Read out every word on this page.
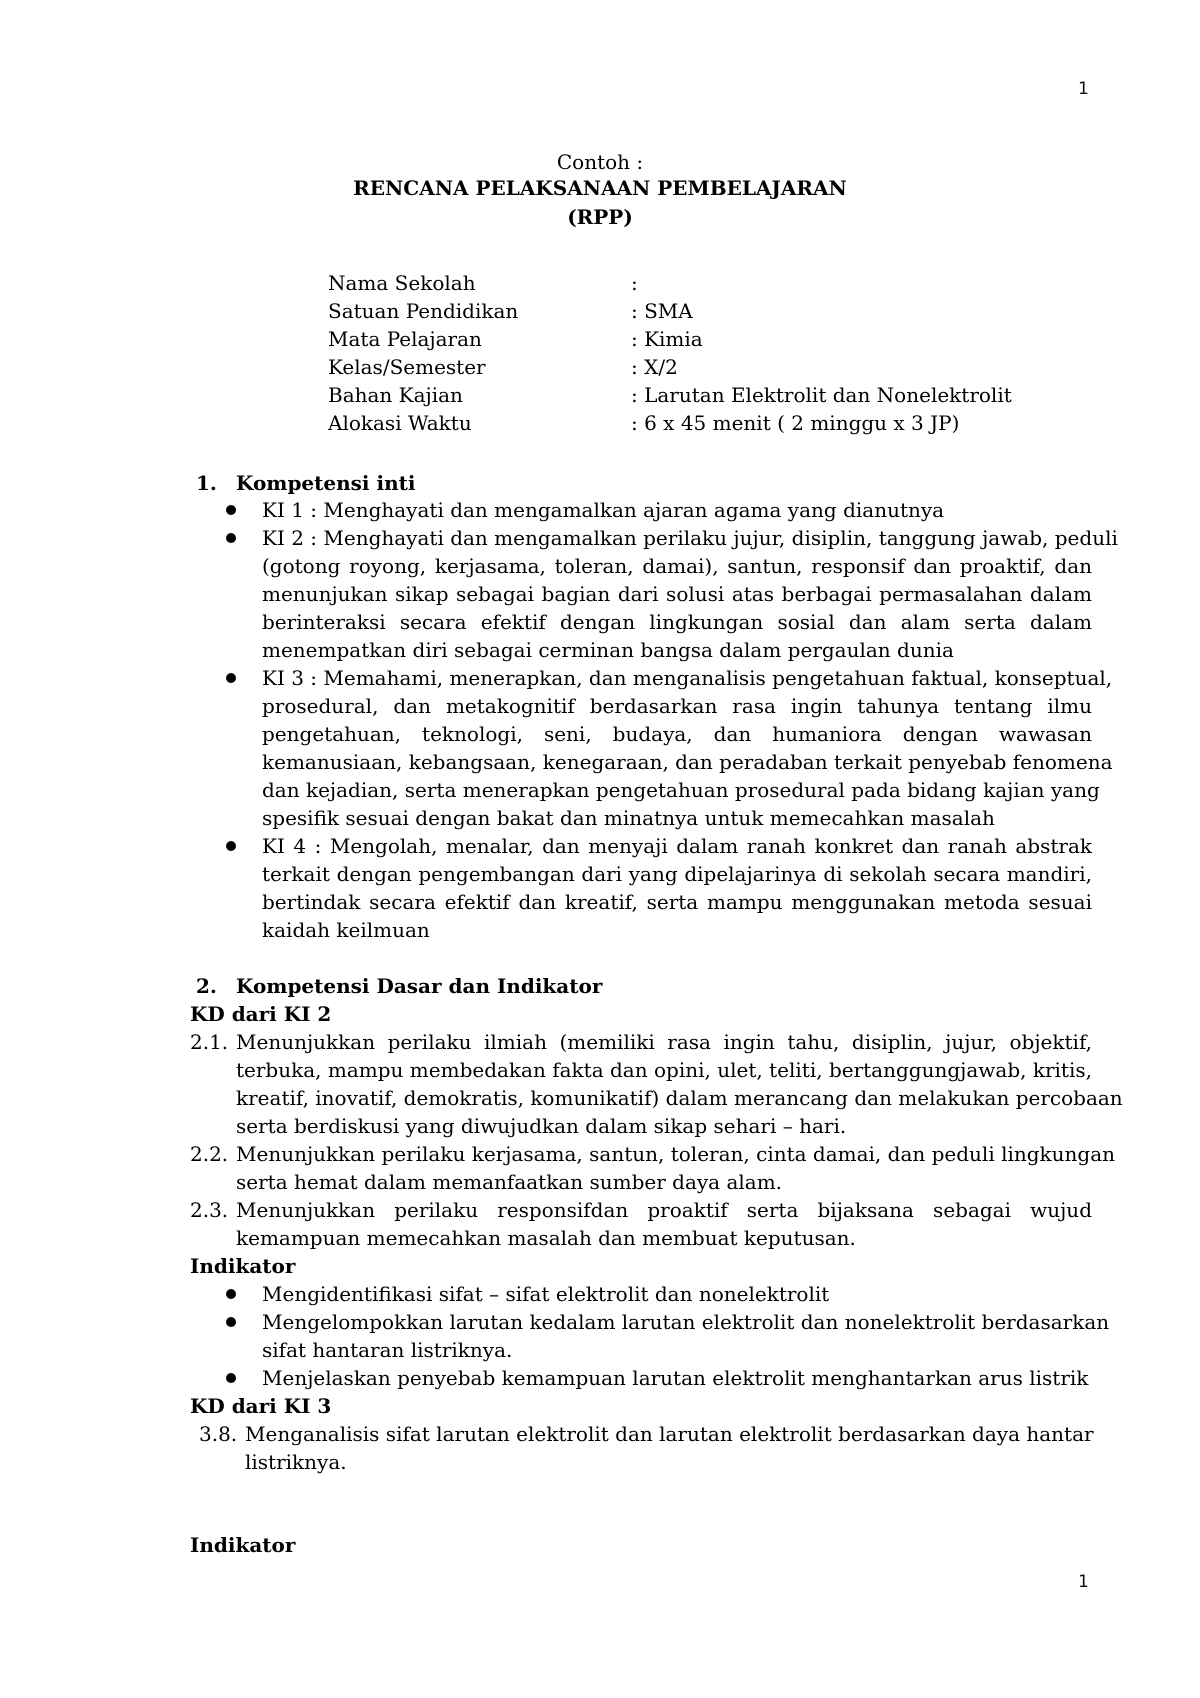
1
Contoh :
RENCANA PELAKSANAAN PEMBELAJARAN
(RPP)
Nama Sekolah	:
Satuan Pendidikan	: SMA
Mata Pelajaran	: Kimia
Kelas/Semester	: X/2
Bahan Kajian	: Larutan Elektrolit dan Nonelektrolit
Alokasi Waktu	: 6 x 45 menit ( 2 minggu x 3 JP)
1. Kompetensi inti
KI 1 : Menghayati dan mengamalkan ajaran agama yang dianutnya
KI 2 : Menghayati dan mengamalkan perilaku jujur, disiplin, tanggung jawab, peduli
(gotong royong, kerjasama, toleran, damai), santun, responsif dan proaktif, dan
menunjukan sikap sebagai bagian dari solusi atas berbagai permasalahan dalam
berinteraksi secara efektif dengan lingkungan sosial dan alam serta dalam
menempatkan diri sebagai cerminan bangsa dalam pergaulan dunia
KI 3 : Memahami, menerapkan, dan menganalisis pengetahuan faktual, konseptual,
prosedural, dan metakognitif berdasarkan rasa ingin tahunya tentang ilmu
pengetahuan, teknologi, seni, budaya, dan humaniora dengan wawasan
kemanusiaan, kebangsaan, kenegaraan, dan peradaban terkait penyebab fenomena
dan kejadian, serta menerapkan pengetahuan prosedural pada bidang kajian yang
spesifik sesuai dengan bakat dan minatnya untuk memecahkan masalah
KI 4 : Mengolah, menalar, dan menyaji dalam ranah konkret dan ranah abstrak
terkait dengan pengembangan dari yang dipelajarinya di sekolah secara mandiri,
bertindak secara efektif dan kreatif, serta mampu menggunakan metoda sesuai
kaidah keilmuan
2. Kompetensi Dasar dan Indikator
KD dari KI 2
2.1. Menunjukkan perilaku ilmiah (memiliki rasa ingin tahu, disiplin, jujur, objektif,
terbuka, mampu membedakan fakta dan opini, ulet, teliti, bertanggungjawab, kritis,
kreatif, inovatif, demokratis, komunikatif) dalam merancang dan melakukan percobaan
serta berdiskusi yang diwujudkan dalam sikap sehari – hari.
2.2. Menunjukkan perilaku kerjasama, santun, toleran, cinta damai, dan peduli lingkungan
serta hemat dalam memanfaatkan sumber daya alam.
2.3. Menunjukkan perilaku responsifdan proaktif serta bijaksana sebagai wujud
kemampuan memecahkan masalah dan membuat keputusan.
Indikator
Mengidentifikasi sifat – sifat elektrolit dan nonelektrolit
Mengelompokkan larutan kedalam larutan elektrolit dan nonelektrolit berdasarkan
sifat hantaran listriknya.
Menjelaskan penyebab kemampuan larutan elektrolit menghantarkan arus listrik
KD dari KI 3
3.8. Menganalisis sifat larutan elektrolit dan larutan elektrolit berdasarkan daya hantar
listriknya.
Indikator
1
